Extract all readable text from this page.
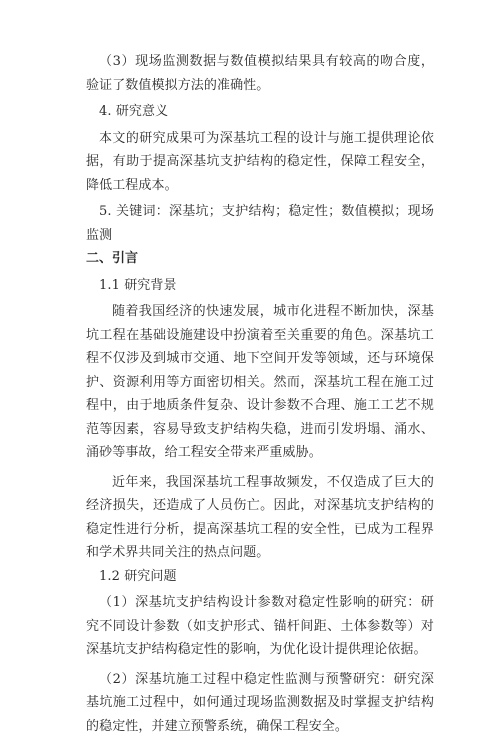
（3）现场监测数据与数值模拟结果具有较高的吻合度，验证了数值模拟方法的准确性。

4. 研究意义

本文的研究成果可为深基坑工程的设计与施工提供理论依据，有助于提高深基坑支护结构的稳定性，保障工程安全，降低工程成本。

5. 关键词：深基坑；支护结构；稳定性；数值模拟；现场监测

二、引言

1.1 研究背景

随着我国经济的快速发展，城市化进程不断加快，深基坑工程在基础设施建设中扮演着至关重要的角色。深基坑工程不仅涉及到城市交通、地下空间开发等领域，还与环境保护、资源利用等方面密切相关。然而，深基坑工程在施工过程中，由于地质条件复杂、设计参数不合理、施工工艺不规范等因素，容易导致支护结构失稳，进而引发坍塌、涌水、涌砂等事故，给工程安全带来严重威胁。

近年来，我国深基坑工程事故频发，不仅造成了巨大的经济损失，还造成了人员伤亡。因此，对深基坑支护结构的稳定性进行分析，提高深基坑工程的安全性，已成为工程界和学术界共同关注的热点问题。

1.2 研究问题

（1）深基坑支护结构设计参数对稳定性影响的研究：研究不同设计参数（如支护形式、锚杆间距、土体参数等）对深基坑支护结构稳定性的影响，为优化设计提供理论依据。

（2）深基坑施工过程中稳定性监测与预警研究：研究深基坑施工过程中，如何通过现场监测数据及时掌握支护结构的稳定性，并建立预警系统，确保工程安全。
